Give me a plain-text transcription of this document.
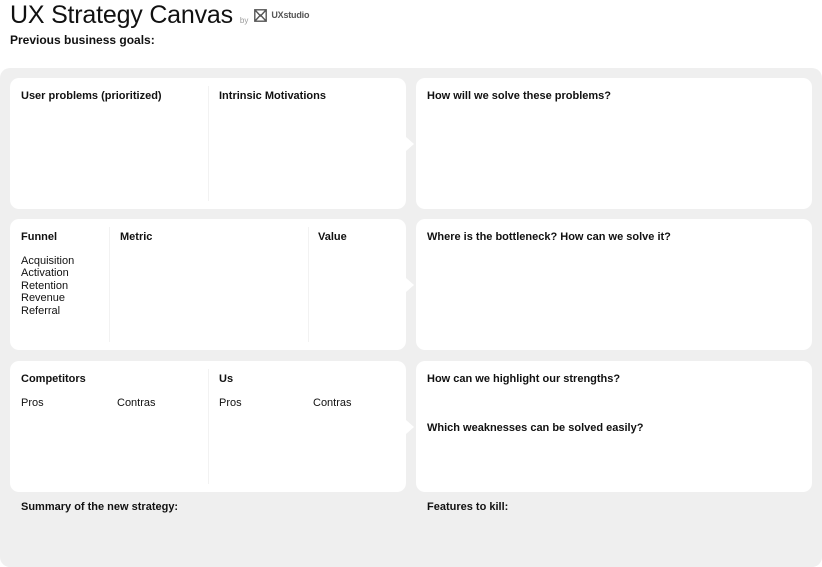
UX Strategy Canvas by
UXstudio
Previous business goals:
User problems (prioritized)	Intrinsic Motivations	How will we solve these problems?
Funnel	Metric	Value
Acquisition
Activation
Retention
Revenue
Referral
Where is the bottleneck? How can we solve it?
Competitors	Us
Pros	Contras	Pros	Contras
How can we highlight our strengths?
Which weaknesses can be solved easily?
Summary of the new strategy:	Features to kill:
